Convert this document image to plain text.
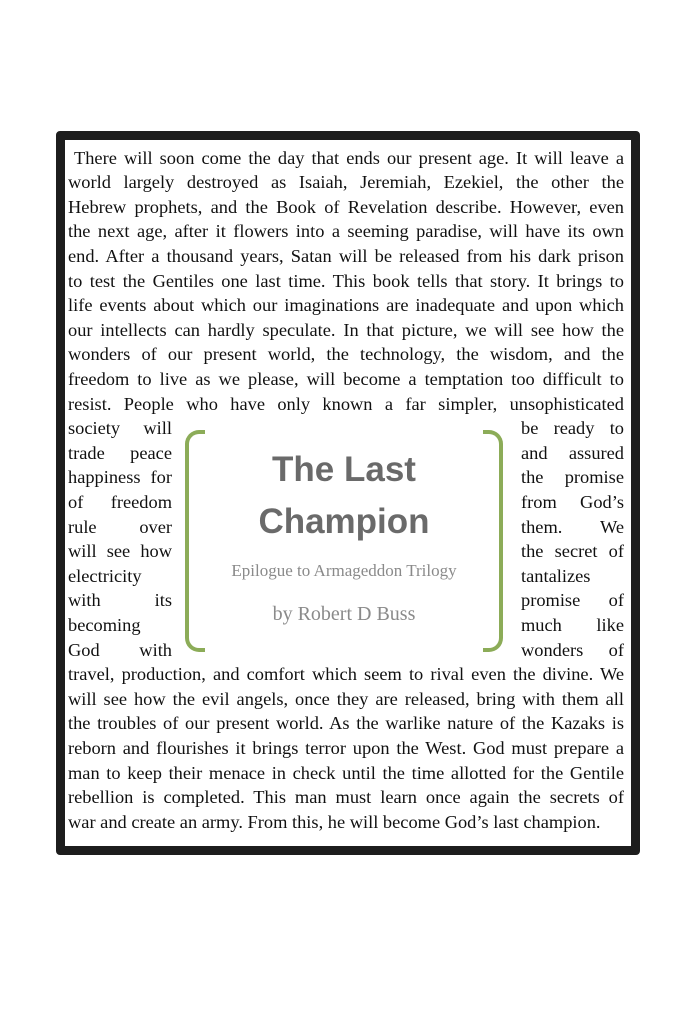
There will soon come the day that ends our present age. It will leave a
world largely destroyed as Isaiah, Jeremiah, Ezekiel, the other the
Hebrew prophets, and the Book of Revelation describe. However, even
the next age, after it flowers into a seeming paradise, will have its own
end. After a thousand years, Satan will be released from his dark prison
to test the Gentiles one last time. This book tells that story. It brings to
life events about which our imaginations are inadequate and upon which
our intellects can hardly speculate. In that picture, we will see how the
wonders of our present world, the technology, the wisdom, and the
freedom to live as we please, will become a temptation too difficult to
resist. People who have only known a far simpler, unsophisticated
society will
trade peace
happiness for
of freedom
rule over
will see how
electricity
with its
becoming
God with
be ready to
and assured
the promise
from God’s
them. We
the secret of
tantalizes
promise of
much like
wonders of
travel, production, and comfort which seem to rival even the divine. We
will see how the evil angels, once they are released, bring with them all
the troubles of our present world. As the warlike nature of the Kazaks is
reborn and flourishes it brings terror upon the West. God must prepare a
man to keep their menace in check until the time allotted for the Gentile
rebellion is completed. This man must learn once again the secrets of
war and create an army. From this, he will become God’s last champion.
The Last
Champion
Epilogue to Armageddon Trilogy
by Robert D Buss
